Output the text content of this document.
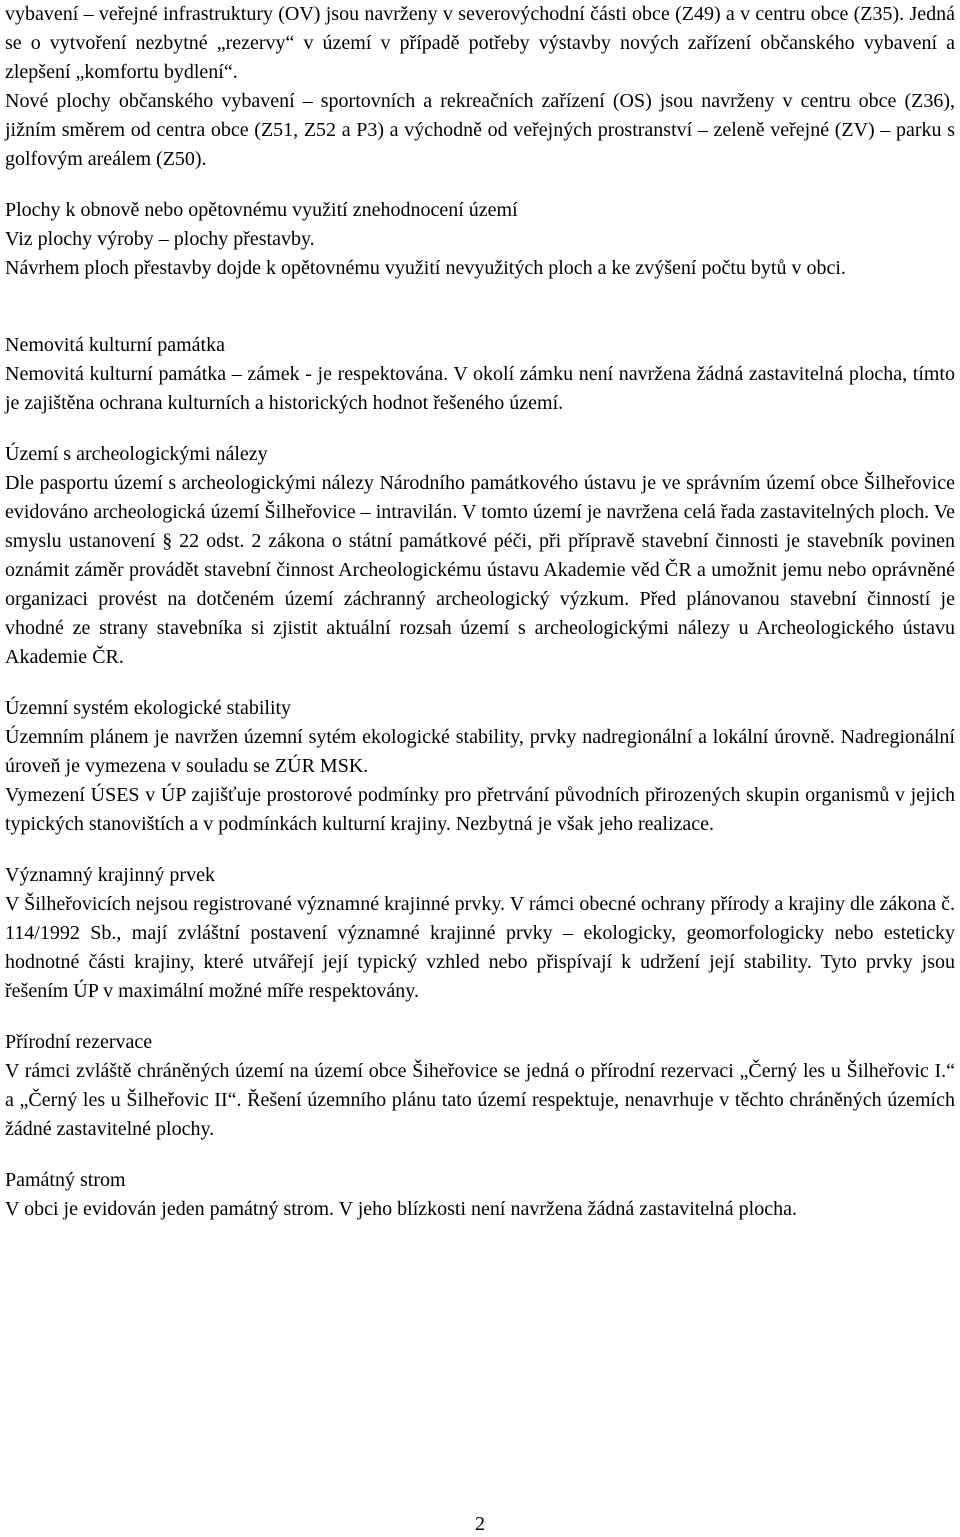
vybavení – veřejné infrastruktury (OV) jsou navrženy v severovýchodní části obce (Z49) a v centru obce (Z35). Jedná se o vytvoření nezbytné „rezervy“ v území v případě potřeby výstavby nových zařízení občanského vybavení a zlepšení „komfortu bydlení“.

Nové plochy občanského vybavení – sportovních a rekreačních zařízení (OS) jsou navrženy v centru obce (Z36), jižním směrem od centra obce (Z51, Z52 a P3) a východně od veřejných prostranství – zeleně veřejné (ZV) – parku s golfovým areálem (Z50).

Plochy k obnově nebo opětovnému využití znehodnocení území

Viz plochy výroby – plochy přestavby.

Návrhem ploch přestavby dojde k opětovnému využití nevyužitých ploch a ke zvýšení počtu bytů v obci.

Nemovitá kulturní památka

Nemovitá kulturní památka – zámek - je respektována. V okolí zámku není navržena žádná zastavitelná plocha, tímto je zajištěna ochrana kulturních a historických hodnot řešeného území.

Území s archeologickými nálezy

Dle pasportu území s archeologickými nálezy Národního památkového ústavu je ve správním území obce Šilheřovice evidováno archeologická území Šilheřovice – intravilán. V tomto území je navržena celá řada zastavitelných ploch. Ve smyslu ustanovení § 22 odst. 2 zákona o státní památkové péči, při přípravě stavební činnosti je stavebník povinen oznámit záměr provádět stavební činnost Archeologickému ústavu Akademie věd ČR a umožnit jemu nebo oprávněné organizaci provést na dotčeném území záchranný archeologický výzkum. Před plánovanou stavební činností je vhodné ze strany stavebníka si zjistit aktuální rozsah území s archeologickými nálezy u Archeologického ústavu Akademie ČR.

Územní systém ekologické stability

Územním plánem je navržen územní sytém ekologické stability, prvky nadregionální a lokální úrovně. Nadregionální úroveň je vymezena v souladu se ZÚR MSK.

Vymezení ÚSES v ÚP zajišťuje prostorové podmínky pro přetrvání původních přirozených skupin organismů v jejich typických stanovištích a v podmínkách kulturní krajiny. Nezbytná je však jeho realizace.

Významný krajinný prvek

V Šilheřovicích nejsou registrované významné krajinné prvky. V rámci obecné ochrany přírody a krajiny dle zákona č. 114/1992 Sb., mají zvláštní postavení významné krajinné prvky – ekologicky, geomorfologicky nebo esteticky hodnotné části krajiny, které utvářejí její typický vzhled nebo přispívají k udržení její stability. Tyto prvky jsou řešením ÚP v maximální možné míře respektovány.

Přírodní rezervace

V rámci zvláště chráněných území na území obce Šiheřovice se jedná o přírodní rezervaci „Černý les u Šilheřovic I.“ a „Černý les u Šilheřovic II“. Řešení územního plánu tato území respektuje, nenavrhuje v těchto chráněných územích žádné zastavitelné plochy.

Památný strom

V obci je evidován jeden památný strom. V jeho blízkosti není navržena žádná zastavitelná plocha.

2
